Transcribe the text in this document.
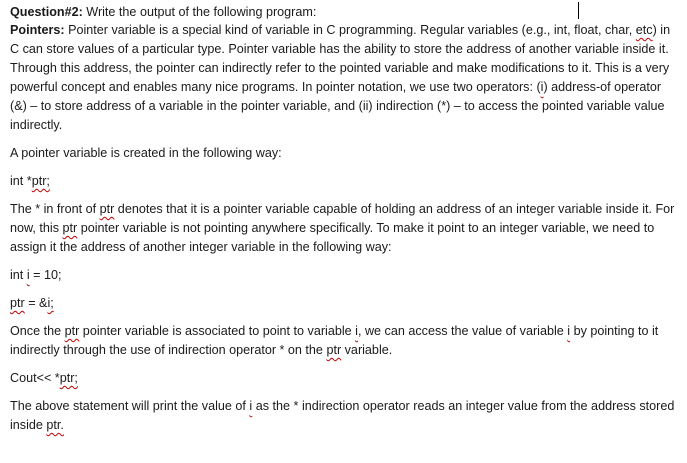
Question#2: Write the output of the following program:

Pointers: Pointer variable is a special kind of variable in C programming. Regular variables (e.g., int, float, char, etc) in C can store values of a particular type. Pointer variable has the ability to store the address of another variable inside it. Through this address, the pointer can indirectly refer to the pointed variable and make modifications to it. This is a very powerful concept and enables many nice programs. In pointer notation, we use two operators: (i) address-of operator (&) – to store address of a variable in the pointer variable, and (ii) indirection (*) – to access the pointed variable value indirectly.

A pointer variable is created in the following way:

int *ptr;

The * in front of ptr denotes that it is a pointer variable capable of holding an address of an integer variable inside it. For now, this ptr pointer variable is not pointing anywhere specifically. To make it point to an integer variable, we need to assign it the address of another integer variable in the following way:

int i = 10;

ptr = &i;

Once the ptr pointer variable is associated to point to variable i, we can access the value of variable i by pointing to it indirectly through the use of indirection operator * on the ptr variable.

Cout<< *ptr;

The above statement will print the value of i as the * indirection operator reads an integer value from the address stored inside ptr.
